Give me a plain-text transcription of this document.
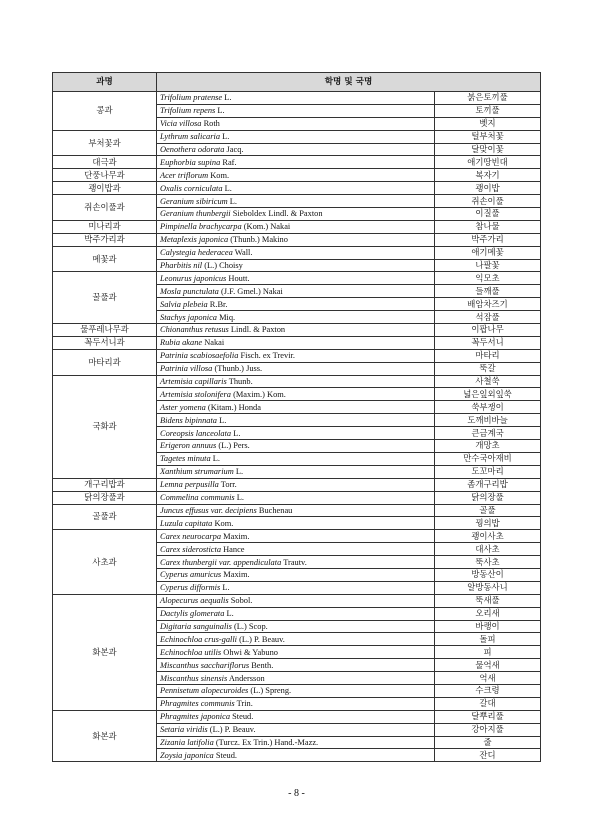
과명	학명 및 국명	
콩과	Trifolium pratense L.	붉은토끼풀
	Trifolium repens L.	토끼풀
	Vicia villosa Roth	벳지
부처꽃과	Lythrum salicaria L.	털부처꽃
	Oenothera odorata Jacq.	달맞이꽃
대극과	Euphorbia supina Raf.	애기땅빈대
단풍나무과	Acer triflorum Kom.	복자기
괭이밥과	Oxalis corniculata L.	괭이밥
쥐손이풀과	Geranium sibiricum L.	쥐손이풀
	Geranium thunbergii Sieboldex Lindl. & Paxton	이질풀
미나리과	Pimpinella brachycarpa (Kom.) Nakai	참나물
박주가리과	Metaplexis japonica (Thunb.) Makino	박주가리
메꽃과	Calystegia hederacea Wall.	애기메꽃
	Pharbitis nil (L.) Choisy	나팔꽃
꿀풀과	Leonurus japonicus Houtt.	익모초
	Mosla punctulata (J.F. Gmel.) Nakai	들깨풀
	Salvia plebeia R.Br.	배암차즈기
	Stachys japonica Miq.	석잠풀
물푸레나무과	Chionanthus retusus Lindl. & Paxton	이팝나무
꼭두서니과	Rubia akane Nakai	꼭두서니
마타리과	Patrinia scabiosaefolia Fisch. ex Trevir.	마타리
	Patrinia villosa (Thunb.) Juss.	뚝갈
국화과	Artemisia capillaris Thunb.	사철쑥
	Artemisia stolonifera (Maxim.) Kom.	넓은잎외잎쑥
	Aster yomena (Kitam.) Honda	쑥부쟁이
	Bidens bipinnata L.	도깨비바늘
	Coreopsis lanceolata L.	큰금계국
	Erigeron annuus (L.) Pers.	개망초
	Tagetes minuta L.	만수국아재비
	Xanthium strumarium L.	도꼬마리
개구리밥과	Lemna perpusilla Torr.	좀개구리밥
닭의장풀과	Commelina communis L.	닭의장풀
골풀과	Juncus effusus var. decipiens Buchenau	골풀
	Luzula capitata Kom.	꿩의밥
사초과	Carex neurocarpa Maxim.	괭이사초
	Carex siderosticta Hance	대사초
	Carex thunbergii var. appendiculata Trautv.	뚝사초
	Cyperus amuricus Maxim.	방동산이
	Cyperus difformis L.	알방동사니
화본과	Alopecurus aequalis Sobol.	뚝새풀
	Dactylis glomerata L.	오리새
	Digitaria sanguinalis (L.) Scop.	바랭이
	Echinochloa crus-galli (L.) P. Beauv.	돌피
	Echinochloa utilis Ohwi & Yabuno	피
	Miscanthus sacchariflorus Benth.	물억새
	Miscanthus sinensis Andersson	억새
	Pennisetum alopecuroides (L.) Spreng.	수크령
	Phragmites communis Trin.	갈대
화본과	Phragmites japonica Steud.	달뿌리풀
	Setaria viridis (L.) P. Beauv.	강아지풀
	Zizania latifolia (Turcz. Ex Trin.) Hand.-Mazz.	줄
	Zoysia japonica Steud.	잔디
- 8 -
